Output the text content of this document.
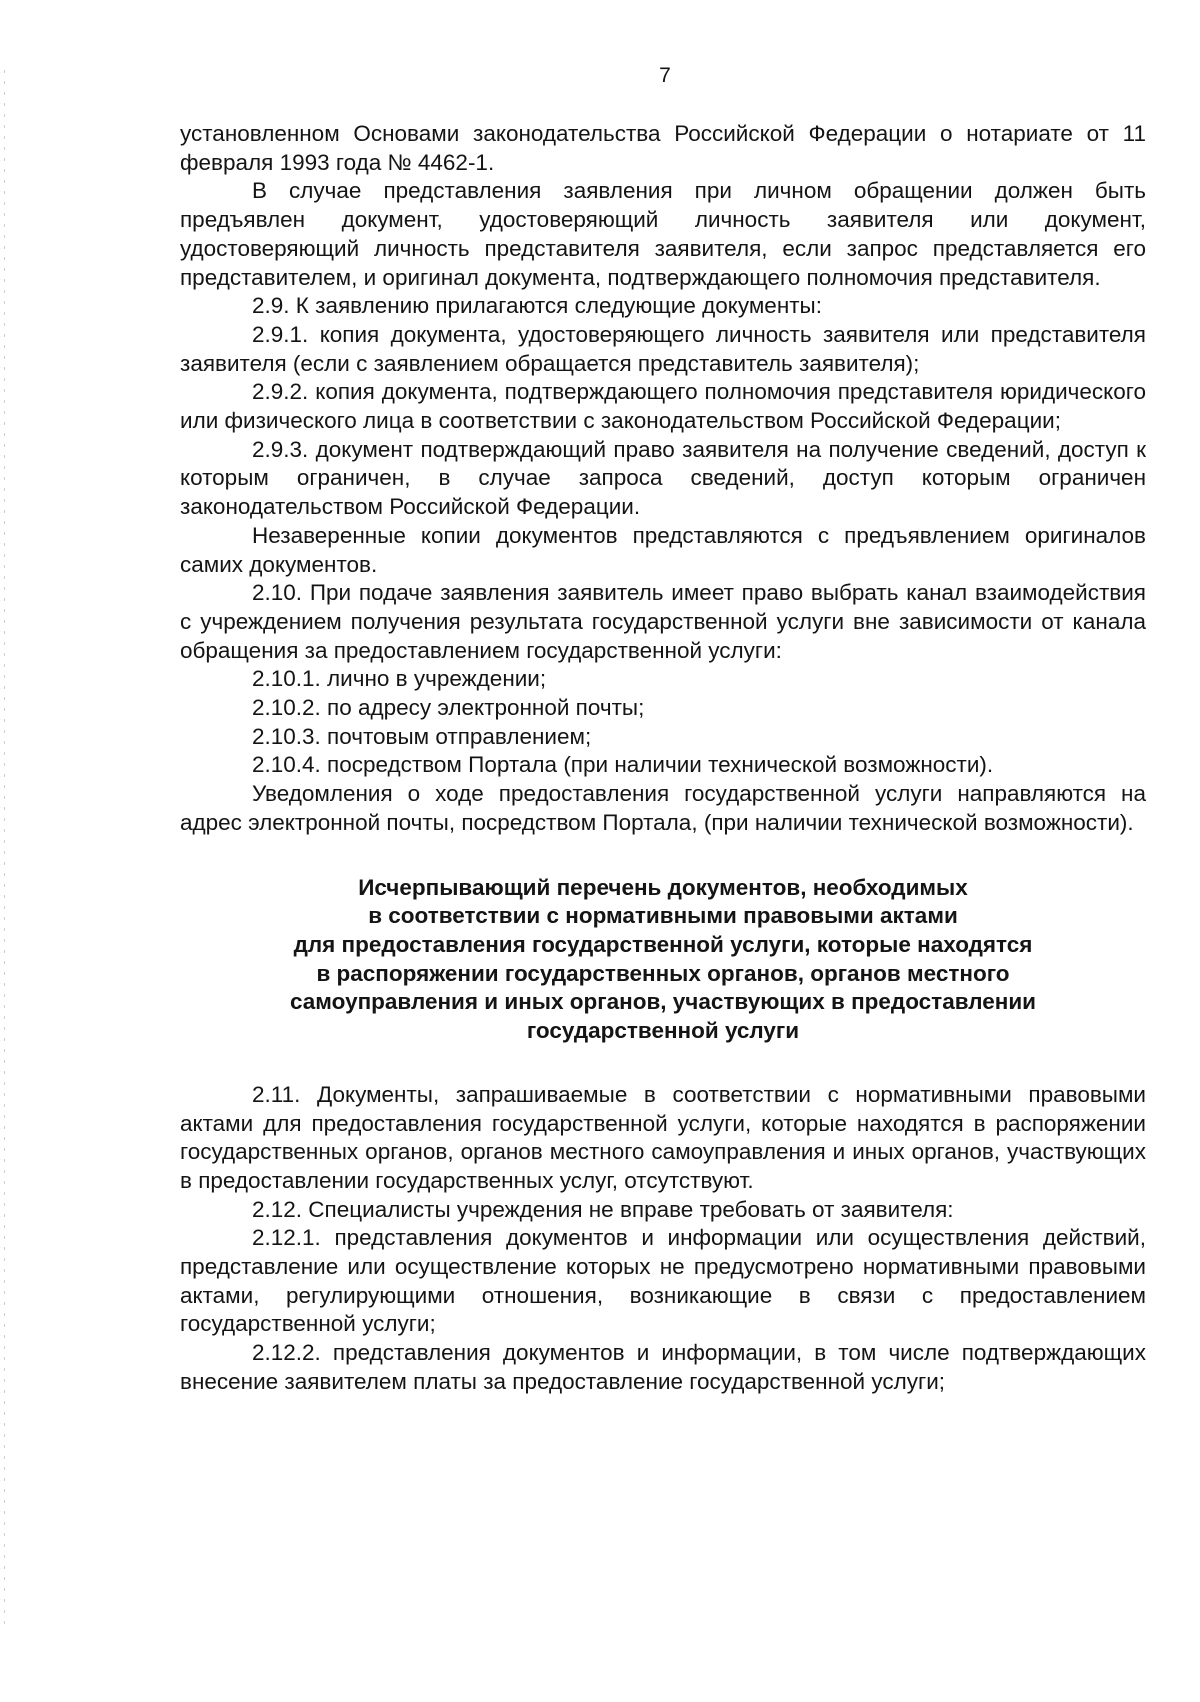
7

установленном Основами законодательства Российской Федерации о нотариате от 11 февраля 1993 года № 4462-1.

В случае представления заявления при личном обращении должен быть предъявлен документ, удостоверяющий личность заявителя или документ, удостоверяющий личность представителя заявителя, если запрос представляется его представителем, и оригинал документа, подтверждающего полномочия представителя.

2.9. К заявлению прилагаются следующие документы:

2.9.1. копия документа, удостоверяющего личность заявителя или представителя заявителя (если с заявлением обращается представитель заявителя);

2.9.2. копия документа, подтверждающего полномочия представителя юридического или физического лица в соответствии с законодательством Российской Федерации;

2.9.3. документ подтверждающий право заявителя на получение сведений, доступ к которым ограничен, в случае запроса сведений, доступ которым ограничен законодательством Российской Федерации.

Незаверенные копии документов представляются с предъявлением оригиналов самих документов.

2.10. При подаче заявления заявитель имеет право выбрать канал взаимодействия с учреждением получения результата государственной услуги вне зависимости от канала обращения за предоставлением государственной услуги:

2.10.1. лично в учреждении;

2.10.2. по адресу электронной почты;

2.10.3. почтовым отправлением;

2.10.4. посредством Портала (при наличии технической возможности).

Уведомления о ходе предоставления государственной услуги направляются на адрес электронной почты, посредством Портала, (при наличии технической возможности).

Исчерпывающий перечень документов, необходимых

в соответствии с нормативными правовыми актами

для предоставления государственной услуги, которые находятся

в распоряжении государственных органов, органов местного

самоуправления и иных органов, участвующих в предоставлении

государственной услуги

2.11. Документы, запрашиваемые в соответствии с нормативными правовыми актами для предоставления государственной услуги, которые находятся в распоряжении государственных органов, органов местного самоуправления и иных органов, участвующих в предоставлении государственных услуг, отсутствуют.

2.12. Специалисты учреждения не вправе требовать от заявителя:

2.12.1. представления документов и информации или осуществления действий, представление или осуществление которых не предусмотрено нормативными правовыми актами, регулирующими отношения, возникающие в связи с предоставлением государственной услуги;

2.12.2. представления документов и информации, в том числе подтверждающих внесение заявителем платы за предоставление государственной услуги;
